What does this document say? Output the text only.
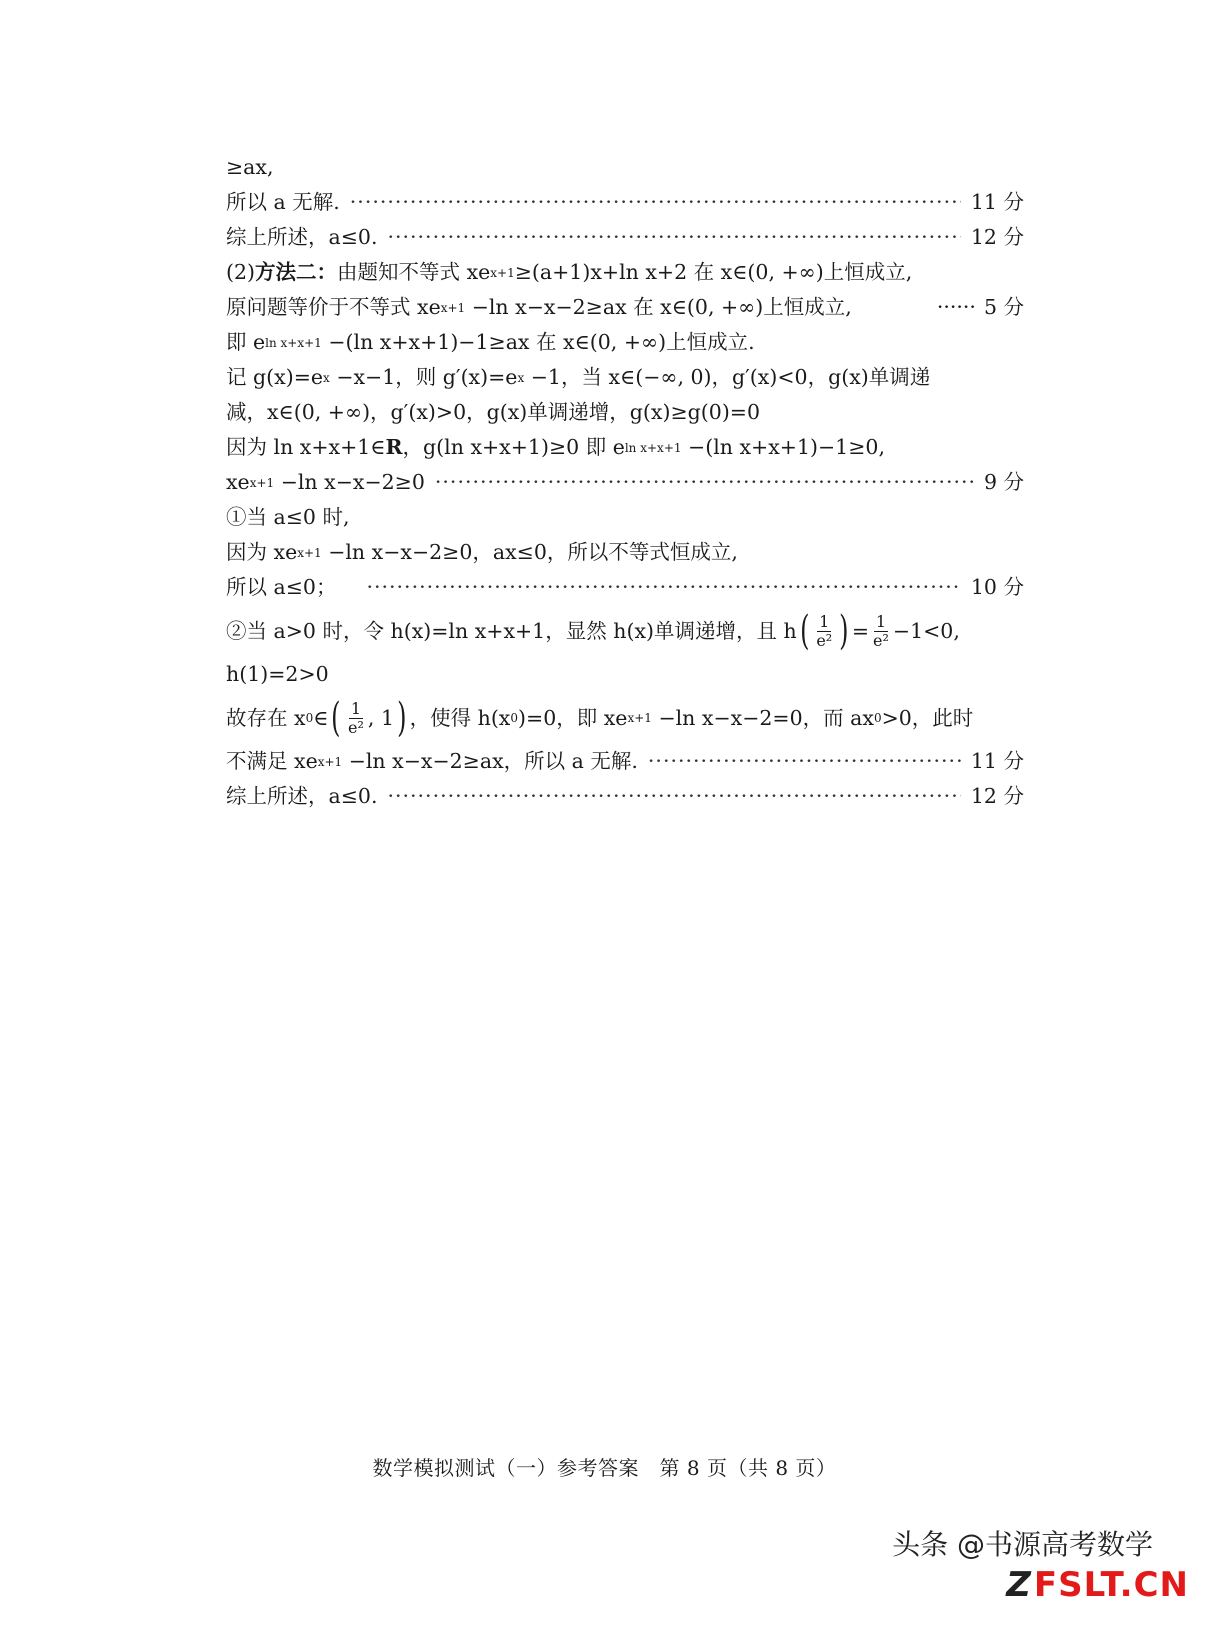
≥ax,
所以 a 无解. ·····	11 分
综上所述，a≤0. ·····	12 分
(2) 方法二： 由题知不等式 xe x+1 ≥(a+1)x+ln x+2 在 x∈(0, +∞)上恒成立,
原问题等价于不等式 xe x+1 −ln x−x−2≥ax 在 x∈(0, +∞)上恒成立,	······ 5 分
即 e ln x+x+1 −(ln x+x+1)−1≥ax 在 x∈(0, +∞)上恒成立.
记 g(x)=e x −x−1，则 g′(x)=e x −1，当 x∈(−∞, 0)，g′(x)<0，g(x)单调递
减，x∈(0, +∞)，g′(x)>0，g(x)单调递增，g(x)≥g(0)=0
因为 ln x+x+1∈ R ，g(ln x+x+1)≥0 即 e ln x+x+1 −(ln x+x+1)−1≥0,
xe x+1 −ln x−x−2≥0 ·····	9 分
①当 a≤0 时,
因为 xe x+1 −ln x−x−2≥0，ax≤0，所以不等式恒成立,
所以 a≤0； ·····	10 分
②当 a>0 时，令 h(x)=ln x+x+1，显然 h(x)单调递增，且 h ( $\frac{1}{\text{e²}}$ ) = $\frac{1}{\text{e²}} -1<0$,
h(1)=2>0
故存在 x 0 ∈ ( $\frac{1}{\text{e²}}$ , 1 ) ，使得 h(x 0 )=0，即 xe x+1 −ln x−x−2=0，而 ax 0 >0，此时
不满足 xe x+1 −ln x−x−2≥ax，所以 a 无解. ·····	11 分
综上所述，a≤0. ·····	12 分
数学模拟测试（一）参考答案　第 8 页（共 8 页）
头条 @书源高考数学
ZFSLT.CN
